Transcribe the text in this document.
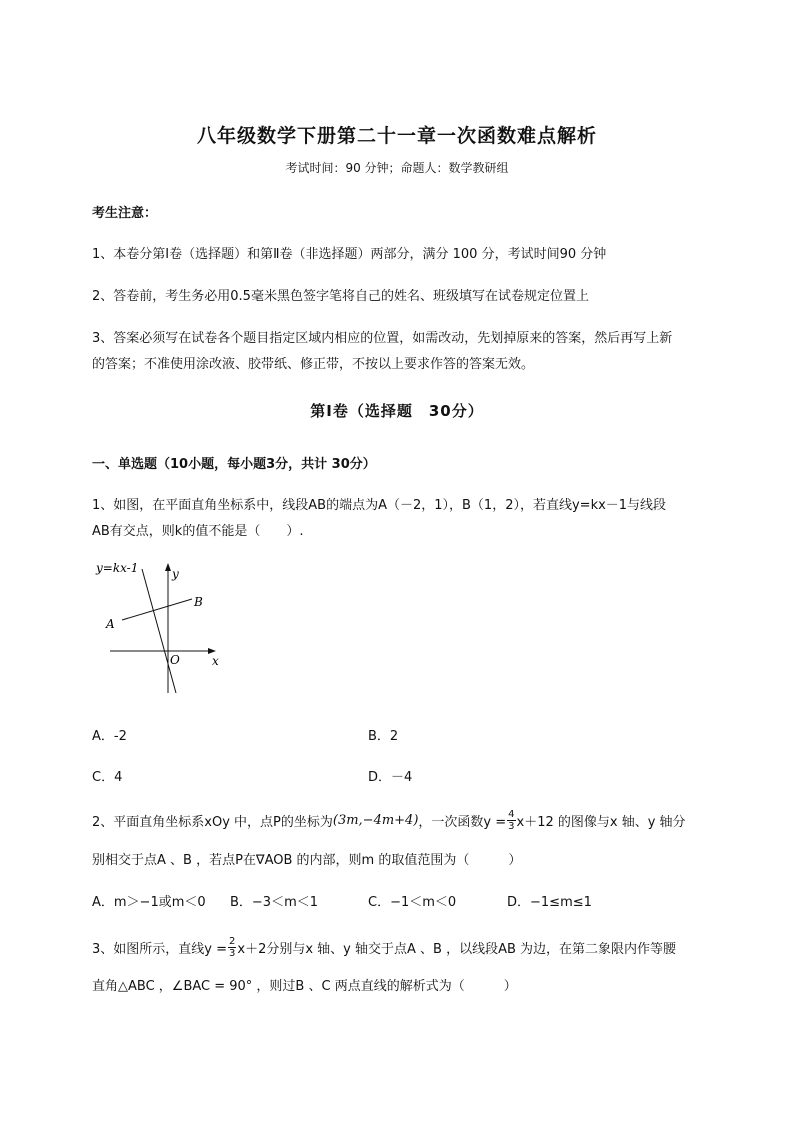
八年级数学下册第二十一章一次函数难点解析
考试时间：90 分钟；命题人：数学教研组
考生注意：
1、本卷分第Ⅰ卷（选择题）和第Ⅱ卷（非选择题）两部分，满分 100 分，考试时间90 分钟
2、答卷前，考生务必用0.5毫米黑色签字笔将自己的姓名、班级填写在试卷规定位置上
3、答案必须写在试卷各个题目指定区域内相应的位置，如需改动，先划掉原来的答案，然后再写上新
的答案；不准使用涂改液、胶带纸、修正带，不按以上要求作答的答案无效。
第Ⅰ卷（选择题　30分）
一、单选题（10小题，每小题3分，共计 30分）
1、如图，在平面直角坐标系中，线段AB的端点为A（－2，1），B（1，2），若直线y=kx－1与线段
AB有交点，则k的值不能是（　　）.
y=kx-1	y
x
O
A
B
A．-2	B．2
C．4	D．－4
2、平面直角坐标系xOy 中，点P的坐标为 (3m,−4m+4) ，一次函数$y = \frac{4}{3} x+12$ 的图像与x 轴、y 轴分
别相交于点A 、B ，若点P在∇AOB 的内部，则m 的取值范围为（　　　）
A．m＞−1或m＜0 B．−3＜m＜1	C．−1＜m＜0	D．−1≤m≤1
3、如图所示，直线$y = \frac{2}{3} x+2$分别与x 轴、y 轴交于点A 、B ，以线段AB 为边，在第二象限内作等腰
直角△ABC ，∠BAC = 90° ，则过B 、C 两点直线的解析式为（　　　）
